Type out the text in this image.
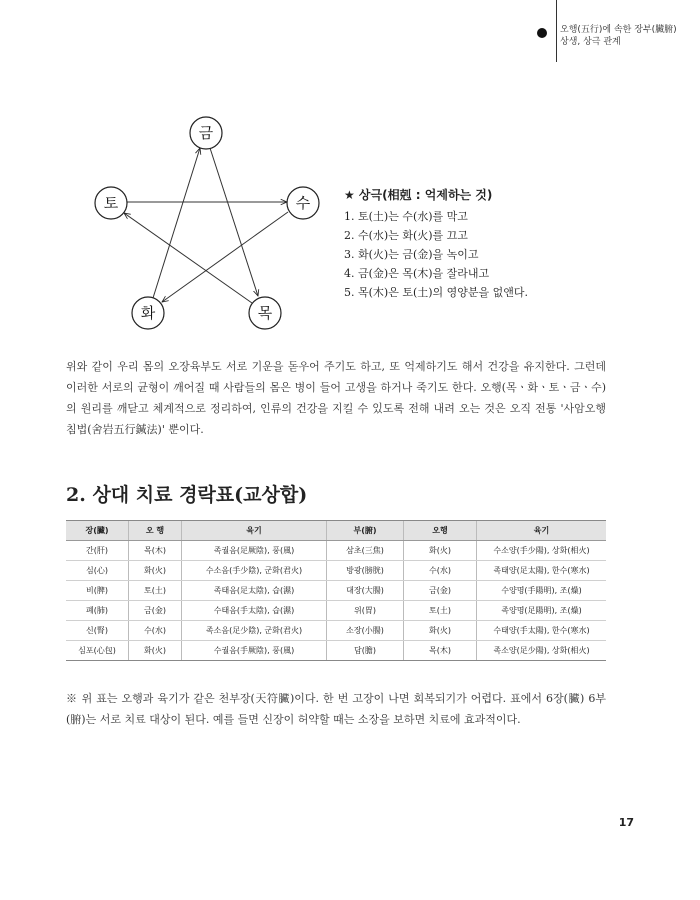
오행(五行)에 속한 장부(臟腑)
상생, 상극 관계
금
토	수
화	목
★ 상극(相剋 : 억제하는 것)
1. 토(土)는 수(水)를 막고
2. 수(水)는 화(火)를 끄고
3. 화(火)는 금(金)을 녹이고
4. 금(金)은 목(木)을 잘라내고
5. 목(木)은 토(土)의 영양분을 없앤다.

위와 같이 우리 몸의 오장육부도 서로 기운을 돋우어 주기도 하고, 또 억제하기도 해서 건강을 유지한다. 그런데 이러한 서로의 균형이 깨어질 때 사람들의 몸은 병이 들어 고생을 하거나 죽기도 한다. 오행(목ㆍ화ㆍ토ㆍ금ㆍ수)의 원리를 깨닫고 체계적으로 정리하여, 인류의 건강을 지킬 수 있도록 전해 내려 오는 것은 오직 전통 '사암오행침법(舍岩五行鍼法)' 뿐이다.

2. 상대 치료 경락표(교상합)
장(臟)	오 행	육기	부(腑)	오행	육기
간(肝)	목(木)	족궐음(足厥陰), 풍(風)	삼초(三焦)	화(火)	수소양(手少陽), 상화(相火)
심(心)	화(火)	수소음(手少陰), 군화(君火)	방광(膀胱)	수(水)	족태양(足太陽), 한수(寒水)
비(脾)	토(土)	족태음(足太陰), 습(濕)	대장(大腸)	금(金)	수양명(手陽明), 조(燥)
폐(肺)	금(金)	수태음(手太陰), 습(濕)	위(胃)	토(土)	족양명(足陽明), 조(燥)
신(腎)	수(水)	족소음(足少陰), 군화(君火)	소장(小腸)	화(火)	수태양(手太陽), 한수(寒水)
심포(心包)	화(火)	수궐음(手厥陰), 풍(風)	담(膽)	목(木)	족소양(足少陽), 상화(相火)

※ 위 표는 오행과 육기가 같은 천부장(天符臟)이다. 한 번 고장이 나면 회복되기가 어렵다. 표에서 6장(臟) 6부(腑)는 서로 치료 대상이 된다. 예를 들면 신장이 허약할 때는 소장을 보하면 치료에 효과적이다.

17
